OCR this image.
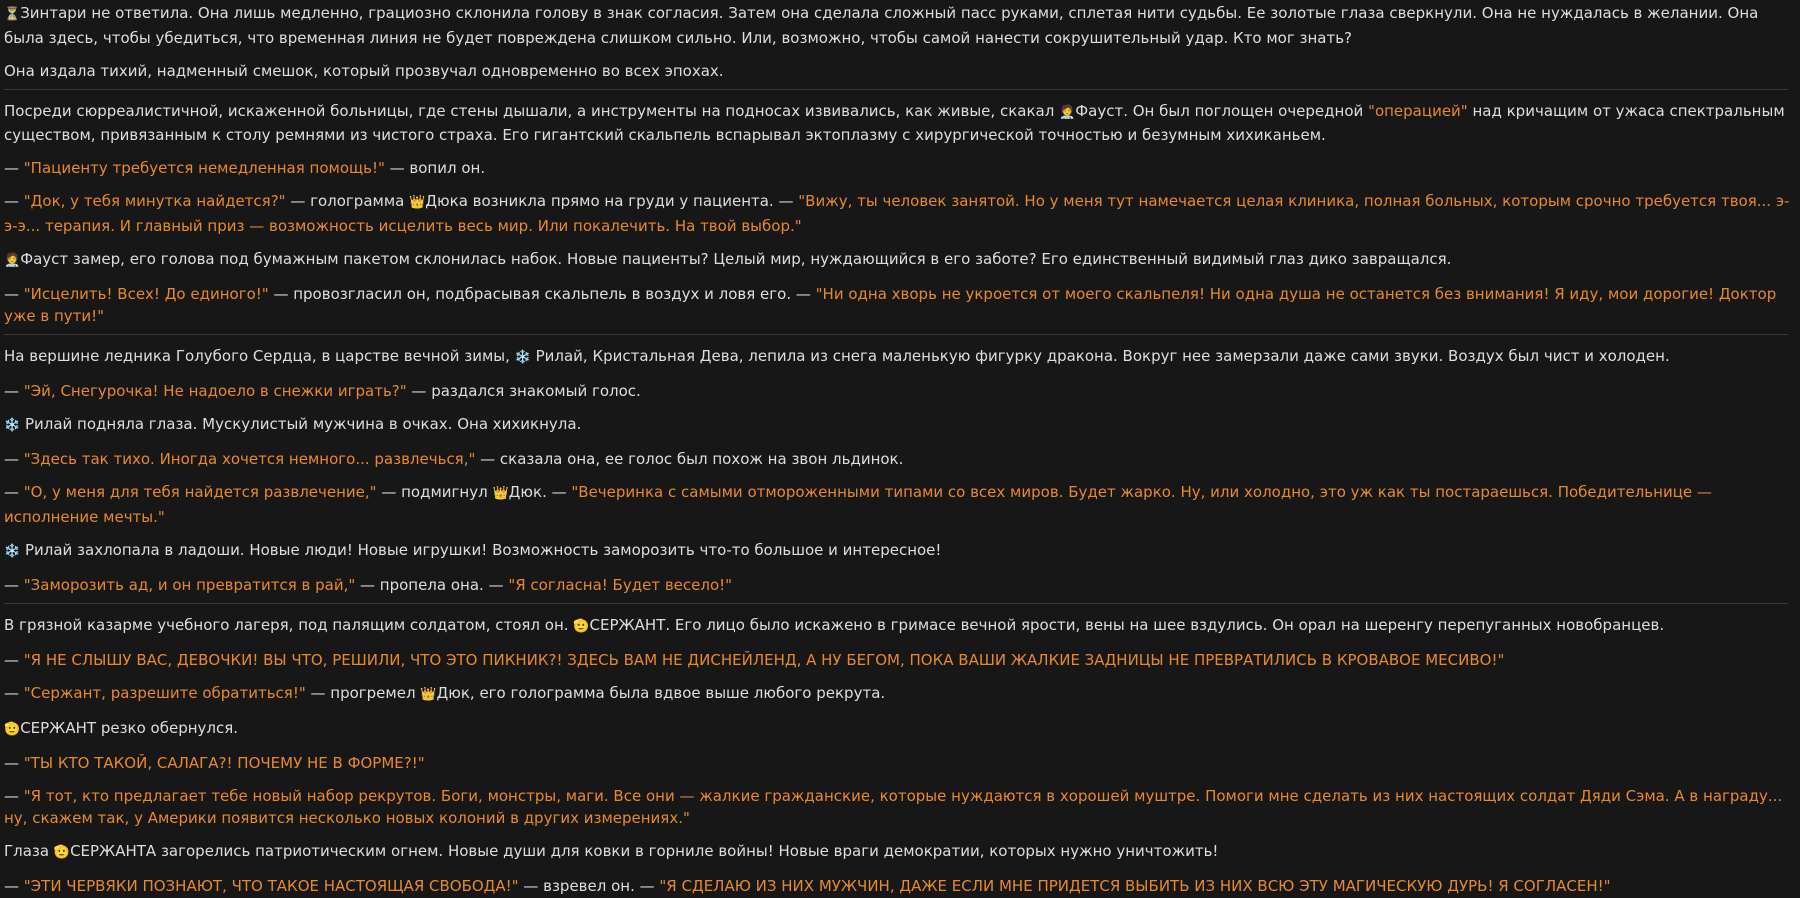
⏳Зинтари не ответила. Она лишь медленно, грациозно склонила голову в знак согласия. Затем она сделала сложный пасс руками, сплетая нити судьбы. Ее золотые глаза сверкнули. Она не нуждалась в желании. Она была здесь, чтобы убедиться, что временная линия не будет повреждена слишком сильно. Или, возможно, чтобы самой нанести сокрушительный удар. Кто мог знать?

Она издала тихий, надменный смешок, который прозвучал одновременно во всех эпохах.

Посреди сюрреалистичной, искаженной больницы, где стены дышали, а инструменты на подносах извивались, как живые, скакал 🧑‍⚕️Фауст. Он был поглощен очередной "операцией" над кричащим от ужаса спектральным существом, привязанным к столу ремнями из чистого страха. Его гигантский скальпель вспарывал эктоплазму с хирургической точностью и безумным хихиканьем.

— "Пациенту требуется немедленная помощь!" — вопил он.

— "Док, у тебя минутка найдется?" — голограмма 👑Дюка возникла прямо на груди у пациента. — "Вижу, ты человек занятой. Но у меня тут намечается целая клиника, полная больных, которым срочно требуется твоя... э-э-э... терапия. И главный приз — возможность исцелить весь мир. Или покалечить. На твой выбор."

🧑‍⚕️Фауст замер, его голова под бумажным пакетом склонилась набок. Новые пациенты? Целый мир, нуждающийся в его заботе? Его единственный видимый глаз дико завращался.

— "Исцелить! Всех! До единого!" — провозгласил он, подбрасывая скальпель в воздух и ловя его. — "Ни одна хворь не укроется от моего скальпеля! Ни одна душа не останется без внимания! Я иду, мои дорогие! Доктор уже в пути!"

На вершине ледника Голубого Сердца, в царстве вечной зимы, ❄️ Рилай, Кристальная Дева, лепила из снега маленькую фигурку дракона. Вокруг нее замерзали даже сами звуки. Воздух был чист и холоден.

— "Эй, Снегурочка! Не надоело в снежки играть?" — раздался знакомый голос.

❄️ Рилай подняла глаза. Мускулистый мужчина в очках. Она хихикнула.

— "Здесь так тихо. Иногда хочется немного... развлечься," — сказала она, ее голос был похож на звон льдинок.

— "О, у меня для тебя найдется развлечение," — подмигнул 👑Дюк. — "Вечеринка с самыми отмороженными типами со всех миров. Будет жарко. Ну, или холодно, это уж как ты постараешься. Победительнице — исполнение мечты."

❄️ Рилай захлопала в ладоши. Новые люди! Новые игрушки! Возможность заморозить что-то большое и интересное!

— "Заморозить ад, и он превратится в рай," — пропела она. — "Я согласна! Будет весело!"

В грязной казарме учебного лагеря, под палящим солдатом, стоял он. 🫡СЕРЖАНТ. Его лицо было искажено в гримасе вечной ярости, вены на шее вздулись. Он орал на шеренгу перепуганных новобранцев.

— "Я НЕ СЛЫШУ ВАС, ДЕВОЧКИ! ВЫ ЧТО, РЕШИЛИ, ЧТО ЭТО ПИКНИК?! ЗДЕСЬ ВАМ НЕ ДИСНЕЙЛЕНД, А НУ БЕГОМ, ПОКА ВАШИ ЖАЛКИЕ ЗАДНИЦЫ НЕ ПРЕВРАТИЛИСЬ В КРОВАВОЕ МЕСИВО!"

— "Сержант, разрешите обратиться!" — прогремел 👑Дюк, его голограмма была вдвое выше любого рекрута.

🫡СЕРЖАНТ резко обернулся.

— "ТЫ КТО ТАКОЙ, САЛАГА?! ПОЧЕМУ НЕ В ФОРМЕ?!"

— "Я тот, кто предлагает тебе новый набор рекрутов. Боги, монстры, маги. Все они — жалкие гражданские, которые нуждаются в хорошей муштре. Помоги мне сделать из них настоящих солдат Дяди Сэма. А в награду... ну, скажем так, у Америки появится несколько новых колоний в других измерениях."

Глаза 🫡СЕРЖАНТА загорелись патриотическим огнем. Новые души для ковки в горниле войны! Новые враги демократии, которых нужно уничтожить!

— "ЭТИ ЧЕРВЯКИ ПОЗНАЮТ, ЧТО ТАКОЕ НАСТОЯЩАЯ СВОБОДА!" — взревел он. — "Я СДЕЛАЮ ИЗ НИХ МУЖЧИН, ДАЖЕ ЕСЛИ МНЕ ПРИДЕТСЯ ВЫБИТЬ ИЗ НИХ ВСЮ ЭТУ МАГИЧЕСКУЮ ДУРЬ! Я СОГЛАСЕН!"
